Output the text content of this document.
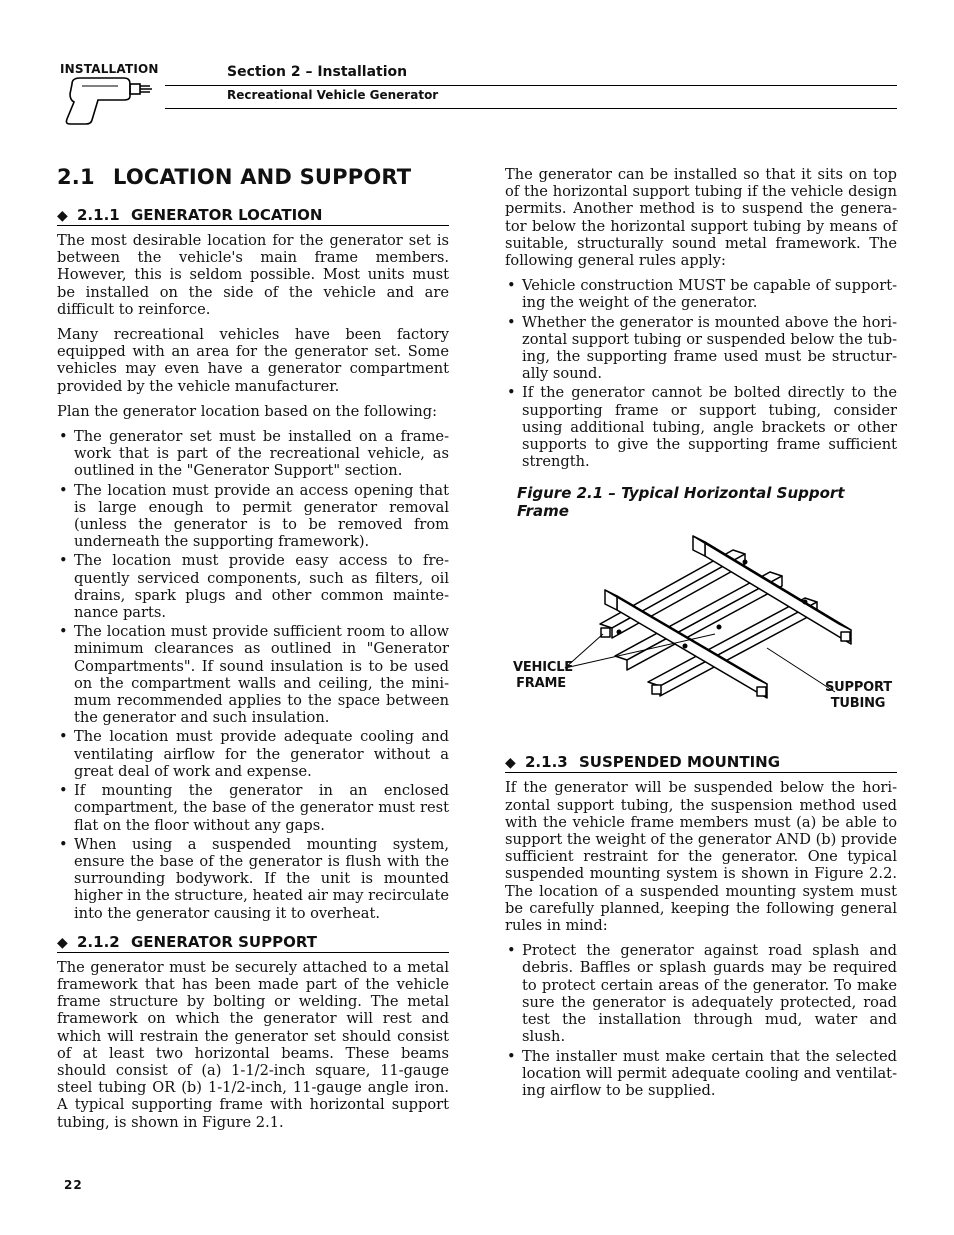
INSTALLATION	Section 2 – Installation
Recreational Vehicle Generator
2.1 LOCATION AND SUPPORT
◆ 2.1.1 GENERATOR LOCATION

The most desirable location for the generator set is between the vehicle's main frame members. However, this is seldom possible. Most units must be installed on the side of the vehicle and are difficult to reinforce.

Many recreational vehicles have been factory equipped with an area for the generator set. Some vehicles may even have a generator compartment provided by the vehicle manufacturer.

Plan the generator location based on the following:

• The generator set must be installed on a framework that is part of the recreational vehicle, as outlined in the "Generator Support" section.
• The location must provide an access opening that is large enough to permit generator removal (unless the generator is to be removed from underneath the supporting framework).
• The location must provide easy access to frequently serviced components, such as filters, oil drains, spark plugs and other common maintenance parts.
• The location must provide sufficient room to allow minimum clearances as outlined in "Generator Compartments". If sound insulation is to be used on the compartment walls and ceiling, the minimum recommended applies to the space between the generator and such insulation.
• The location must provide adequate cooling and ventilating airflow for the generator without a great deal of work and expense.
• If mounting the generator in an enclosed compartment, the base of the generator must rest flat on the floor without any gaps.
• When using a suspended mounting system, ensure the base of the generator is flush with the surrounding bodywork. If the unit is mounted higher in the structure, heated air may recirculate into the generator causing it to overheat.
◆ 2.1.2 GENERATOR SUPPORT

The generator must be securely attached to a metal framework that has been made part of the vehicle frame structure by bolting or welding. The metal framework on which the generator will rest and which will restrain the generator set should consist of at least two horizontal beams. These beams should consist of (a) 1-1/2-inch square, 11-gauge steel tubing OR (b) 1-1/2-inch, 11-gauge angle iron. A typical supporting frame with horizontal support tubing, is shown in Figure 2.1.

The generator can be installed so that it sits on top of the horizontal support tubing if the vehicle design permits. Another method is to suspend the generator below the horizontal support tubing by means of suitable, structurally sound metal framework. The following general rules apply:

• Vehicle construction MUST be capable of supporting the weight of the generator.
• Whether the generator is mounted above the horizontal support tubing or suspended below the tubing, the supporting frame used must be structurally sound.
• If the generator cannot be bolted directly to the supporting frame or support tubing, consider using additional tubing, angle brackets or other supports to give the supporting frame sufficient strength.
Figure 2.1 – Typical Horizontal Support Frame
VEHICLE
FRAME	SUPPORT
TUBING
◆ 2.1.3 SUSPENDED MOUNTING

If the generator will be suspended below the horizontal support tubing, the suspension method used with the vehicle frame members must (a) be able to support the weight of the generator AND (b) provide sufficient restraint for the generator. One typical suspended mounting system is shown in Figure 2.2. The location of a suspended mounting system must be carefully planned, keeping the following general rules in mind:

• Protect the generator against road splash and debris. Baffles or splash guards may be required to protect certain areas of the generator. To make sure the generator is adequately protected, road test the installation through mud, water and slush.
• The installer must make certain that the selected location will permit adequate cooling and ventilating airflow to be supplied.
22
